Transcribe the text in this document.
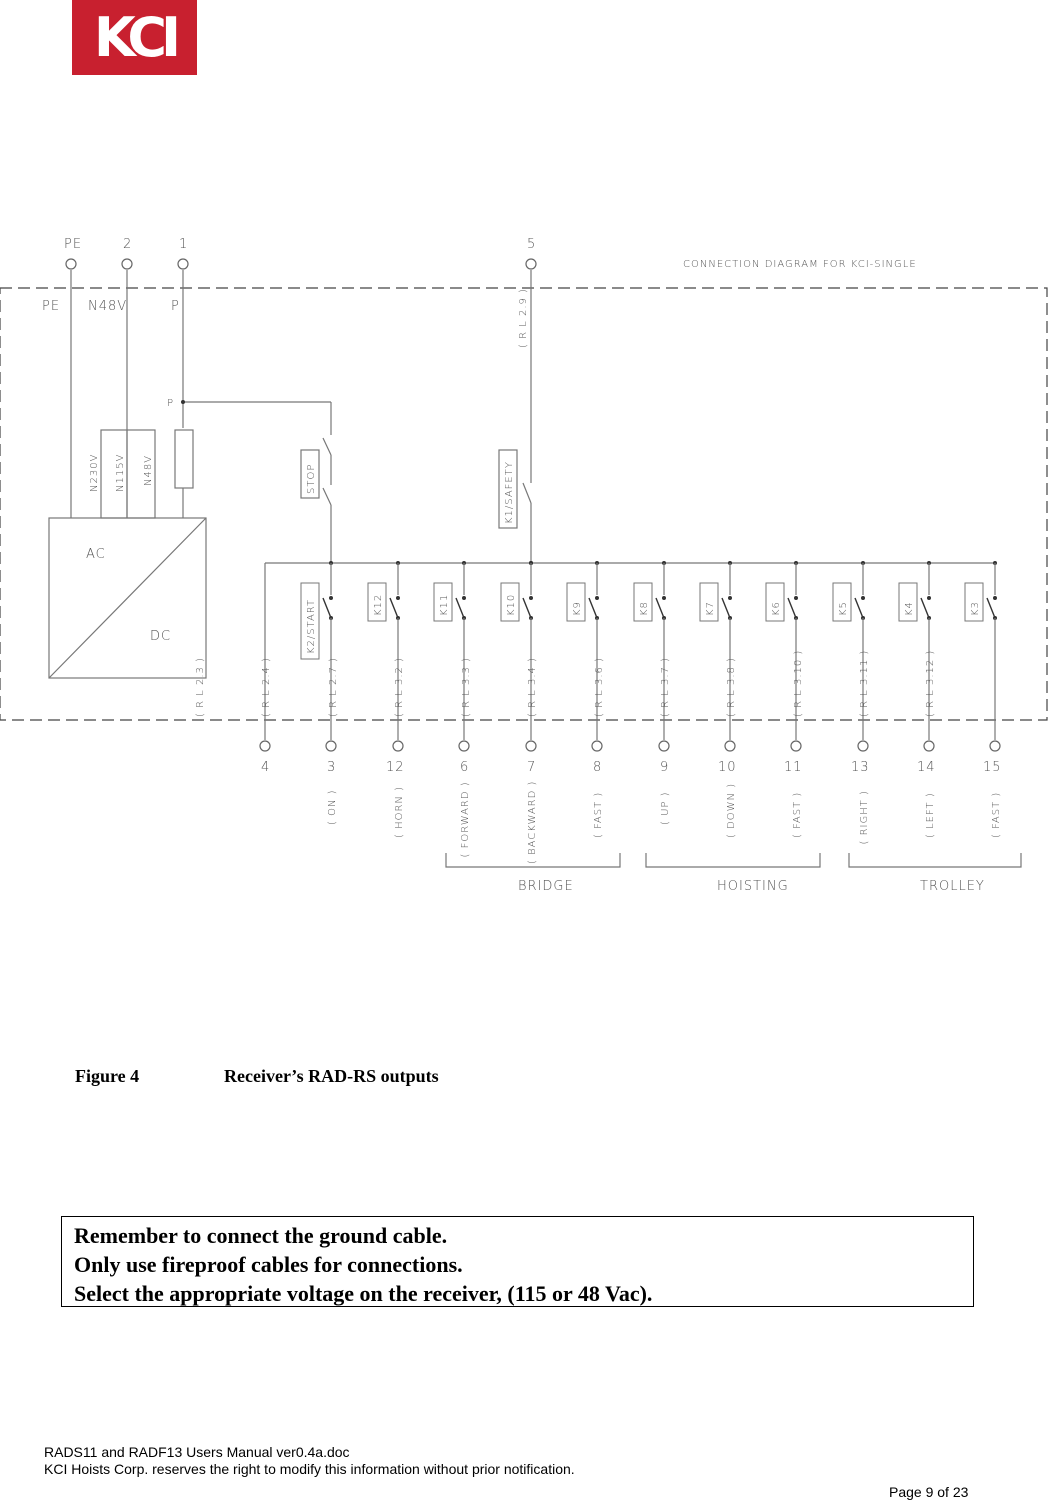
KCI
PE	2	1	5
CONNECTION DIAGRAM FOR KCI-SINGLE
PE N48V	P
P
N230V N115V N48V
AC
DC
STOP	K1/SAFETY
( R L 2.9 )
( R L 2.3 )
4
K2/START
( R L 2.4 )
3
( ON )
K12
( R L 2.7 )
12
( HORN )
K11
( R L 3.2 )
6
( FORWARD )
K10
( R L 3.3 )
7
( BACKWARD )
K9
( R L 3.4 )
8
( FAST )
K8
( R L 3.6 )
9
( UP )
K7
( R L 3.7 )
10
( DOWN )
K6
( R L 3.8 )
11
( FAST )
K5
( R L 3.10 )
13
( RIGHT )
K4
( R L 3.11 )
14
( LEFT )
K3
( R L 3.12 )
15
( FAST )
BRIDGE	HOISTING	TROLLEY
Figure 4	Receiver’s RAD-RS outputs
Remember to connect the ground cable.
Only use fireproof cables for connections.
Select the appropriate voltage on the receiver, (115 or 48 Vac).
RADS11 and RADF13 Users Manual ver0.4a.doc
KCI Hoists Corp. reserves the right to modify this information without prior notification.
Page 9 of 23
